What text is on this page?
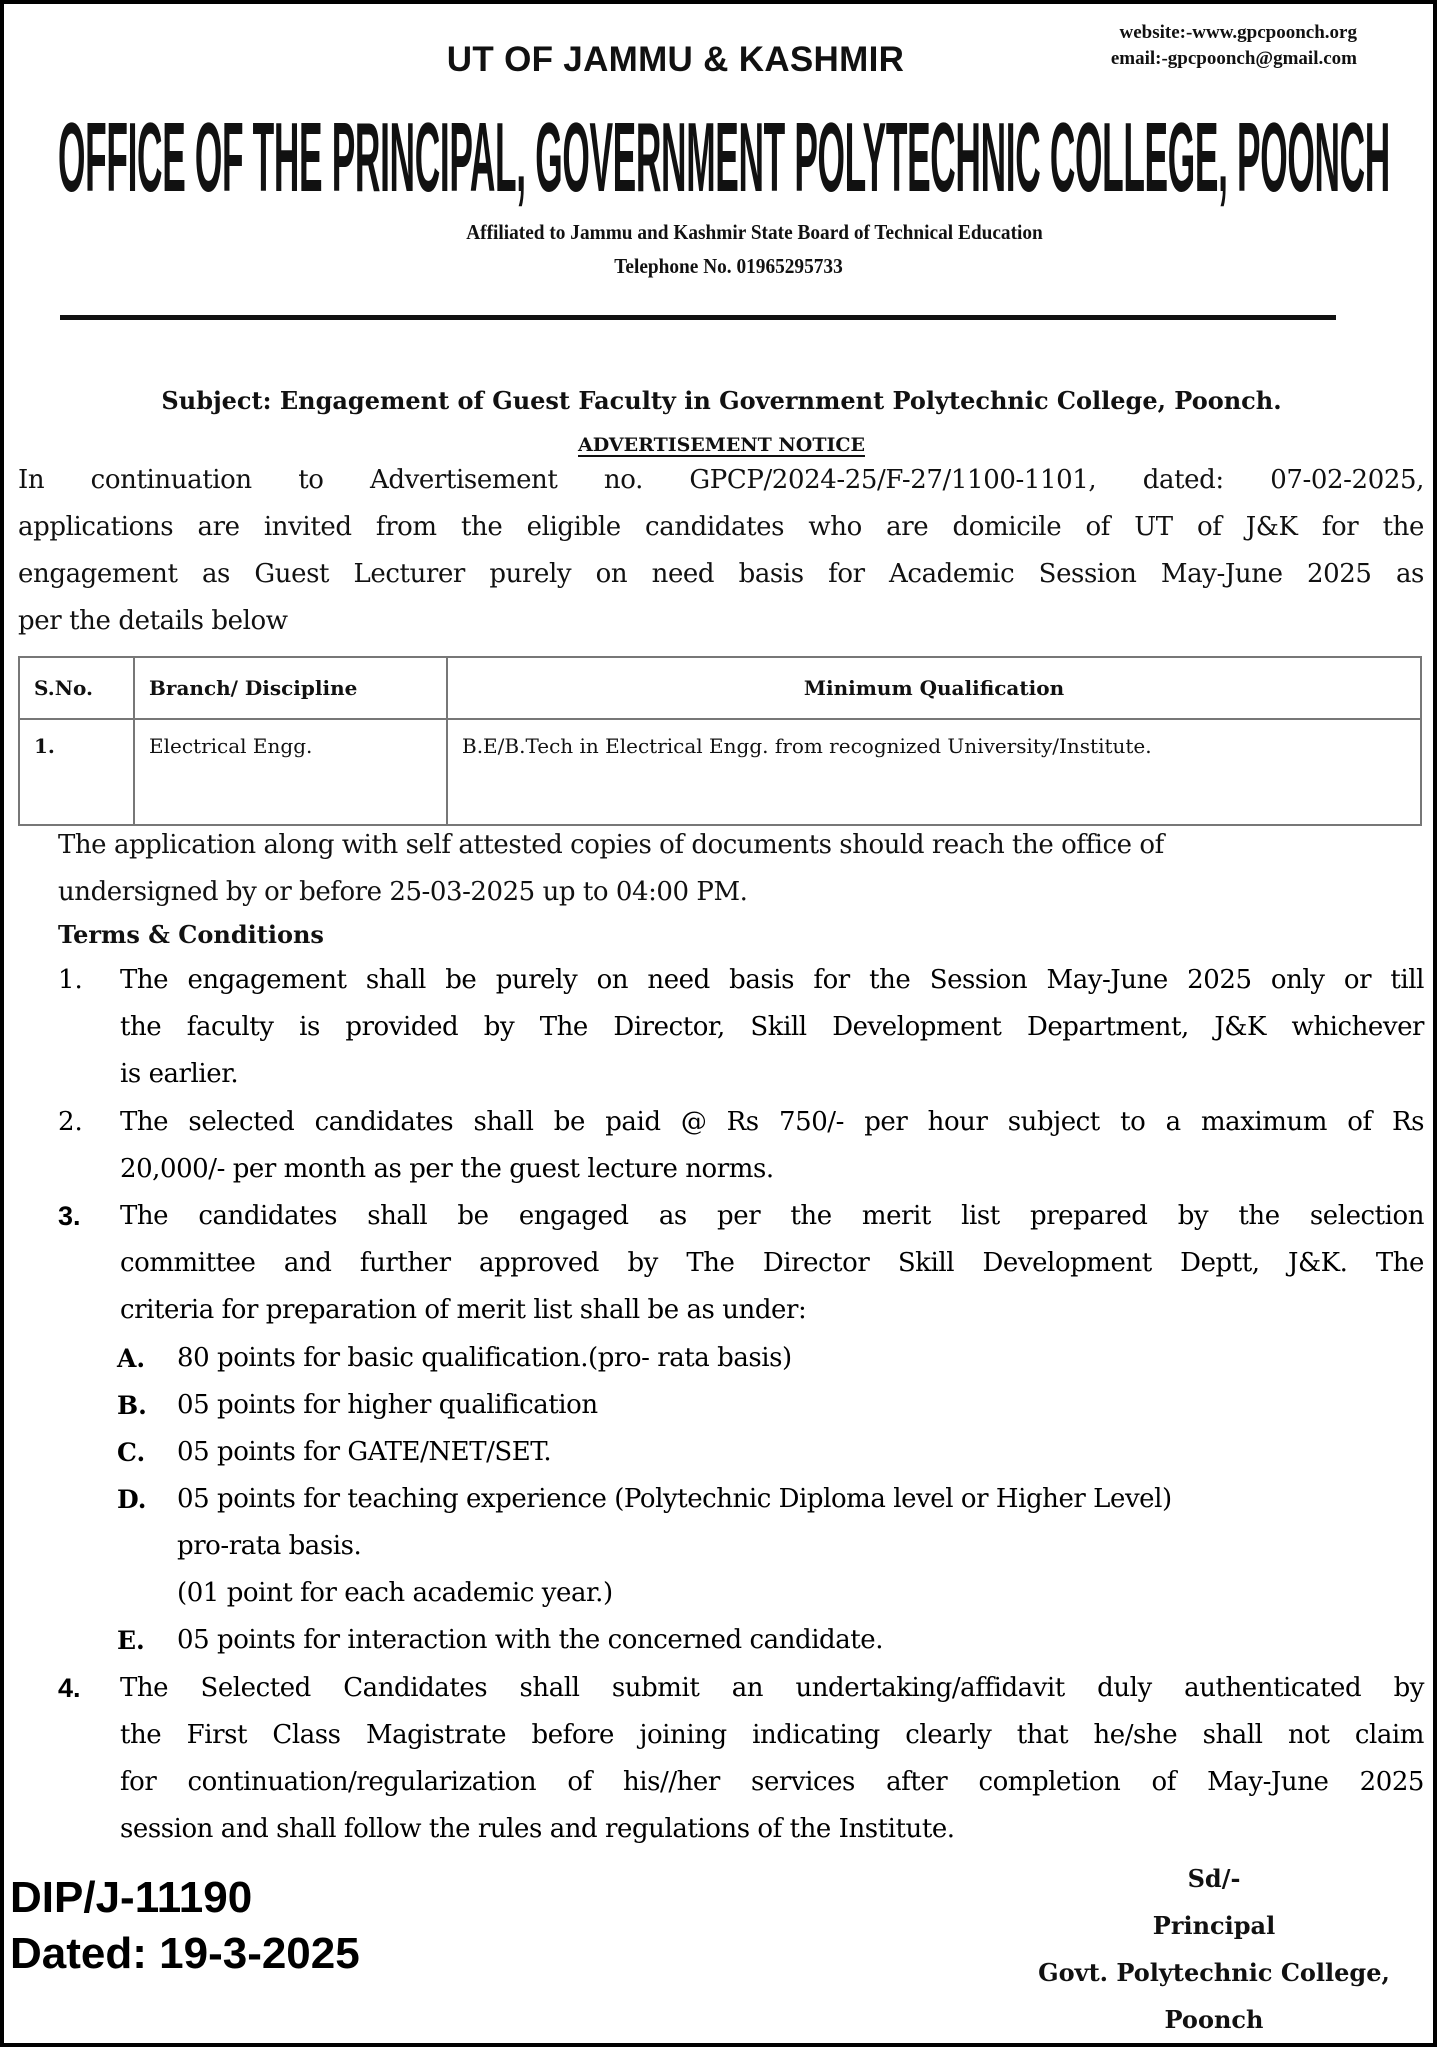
website:-www.gpcpoonch.org
email:-gpcpoonch@gmail.com
UT OF JAMMU & KASHMIR
OFFICE OF THE PRINCIPAL, GOVERNMENT POLYTECHNIC COLLEGE, POONCH
Affiliated to Jammu and Kashmir State Board of Technical Education
Telephone No. 01965295733
Subject: Engagement of Guest Faculty in Government Polytechnic College, Poonch.
ADVERTISEMENT NOTICE
In continuation to Advertisement no. GPCP/2024-25/F-27/1100-1101, dated: 07-02-2025,
applications are invited from the eligible candidates who are domicile of UT of J&K for the
engagement as Guest Lecturer purely on need basis for Academic Session May-June 2025 as
per the details below
S.No.	Branch/ Discipline	Minimum Qualification
1.	Electrical Engg.	B.E/B.Tech in Electrical Engg. from recognized University/Institute.
The application along with self attested copies of documents should reach the office of
undersigned by or before 25-03-2025 up to 04:00 PM.
Terms & Conditions
1. The engagement shall be purely on need basis for the Session May-June 2025 only or till
the faculty is provided by The Director, Skill Development Department, J&K whichever
is earlier.
2. The selected candidates shall be paid @ Rs 750/- per hour subject to a maximum of Rs
20,000/- per month as per the guest lecture norms.
3. The candidates shall be engaged as per the merit list prepared by the selection
committee and further approved by The Director Skill Development Deptt, J&K. The
criteria for preparation of merit list shall be as under:
A. 80 points for basic qualification.(pro- rata basis)
B. 05 points for higher qualification
C. 05 points for GATE/NET/SET.
D. 05 points for teaching experience (Polytechnic Diploma level or Higher Level)
pro-rata basis.
(01 point for each academic year.)
E. 05 points for interaction with the concerned candidate.
4. The Selected Candidates shall submit an undertaking/affidavit duly authenticated by
the First Class Magistrate before joining indicating clearly that he/she shall not claim
for continuation/regularization of his//her services after completion of May-June 2025
session and shall follow the rules and regulations of the Institute.
DIP/J-11190
Dated: 19-3-2025
Sd/-
Principal
Govt. Polytechnic College,
Poonch
